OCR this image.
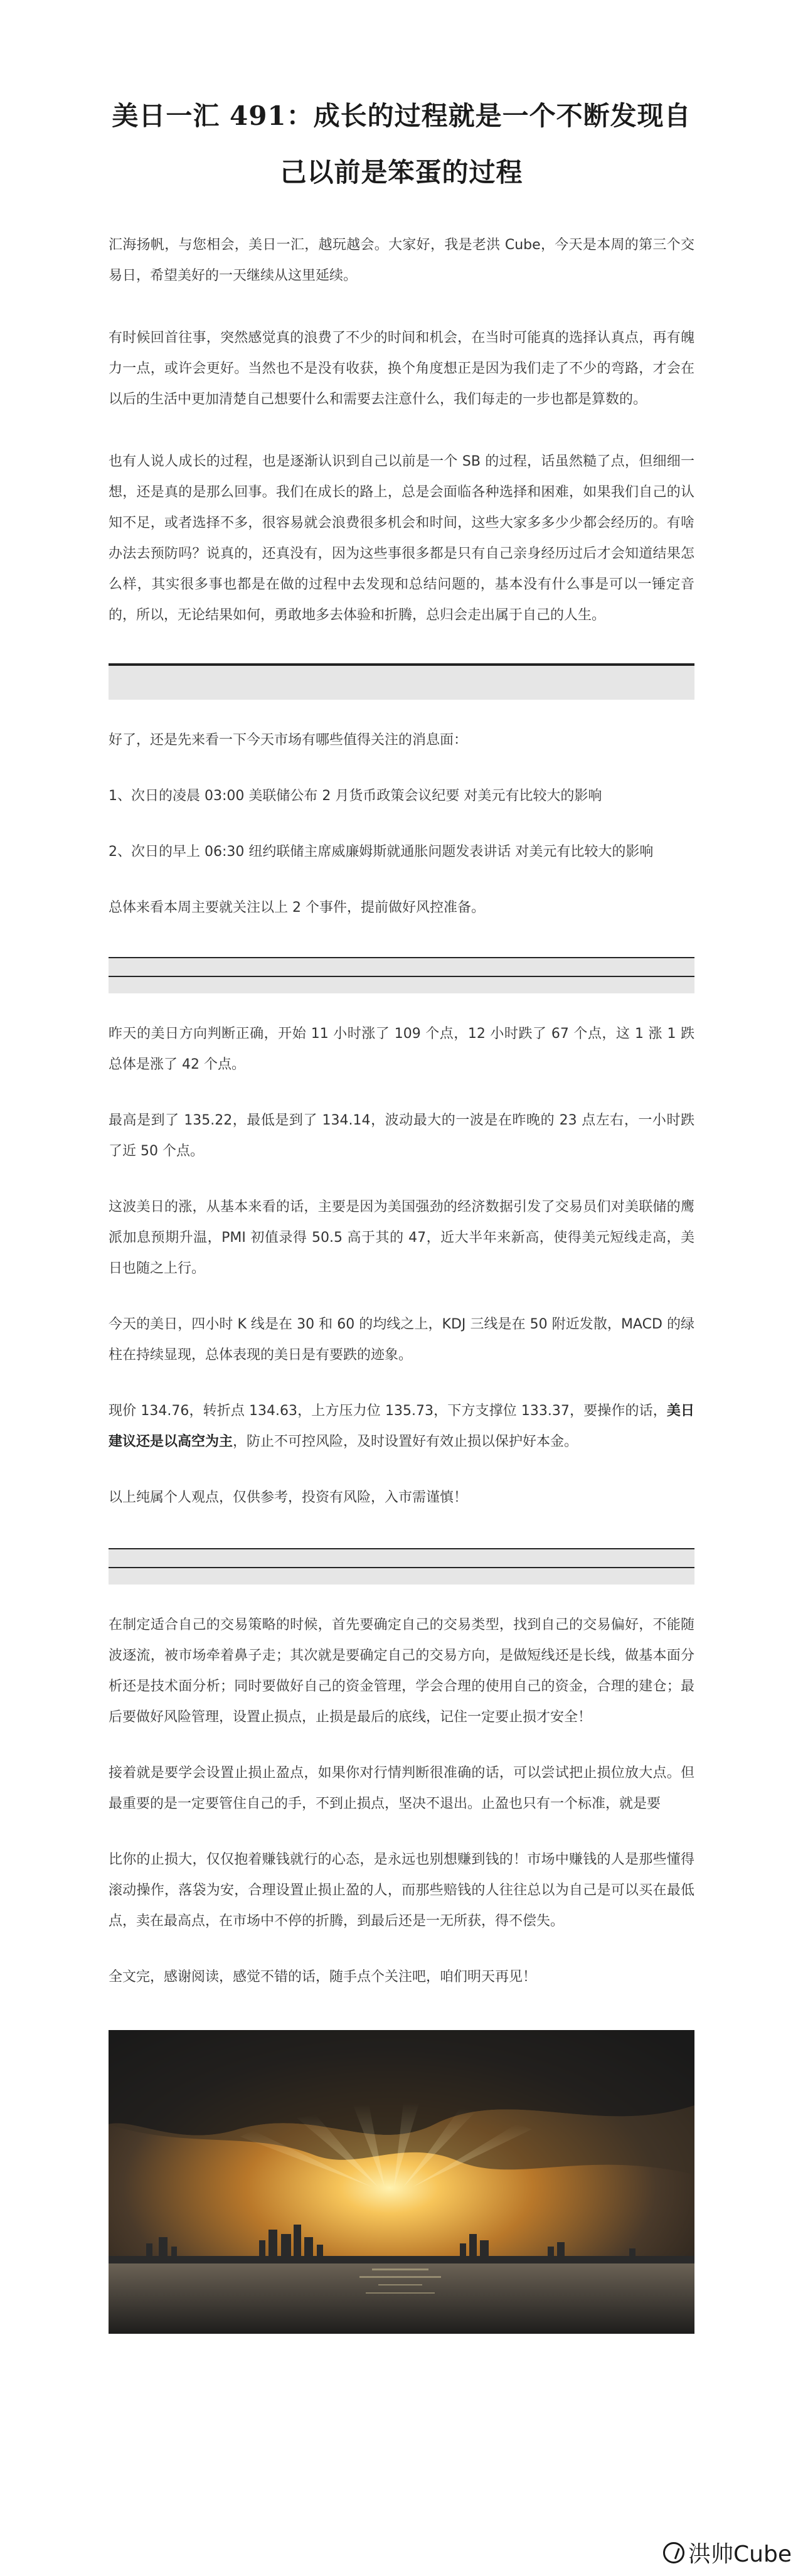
美日一汇 491：成长的过程就是一个不断发现自己以前是笨蛋的过程

汇海扬帆，与您相会，美日一汇，越玩越会。大家好，我是老洪 Cube，今天是本周的第三个交易日，希望美好的一天继续从这里延续。

有时候回首往事，突然感觉真的浪费了不少的时间和机会，在当时可能真的选择认真点，再有魄力一点，或许会更好。当然也不是没有收获，换个角度想正是因为我们走了不少的弯路，才会在以后的生活中更加清楚自己想要什么和需要去注意什么，我们每走的一步也都是算数的。

也有人说人成长的过程，也是逐渐认识到自己以前是一个 SB 的过程，话虽然糙了点，但细细一想，还是真的是那么回事。我们在成长的路上，总是会面临各种选择和困难，如果我们自己的认知不足，或者选择不多，很容易就会浪费很多机会和时间，这些大家多多少少都会经历的。有啥办法去预防吗？说真的，还真没有，因为这些事很多都是只有自己亲身经历过后才会知道结果怎么样，其实很多事也都是在做的过程中去发现和总结问题的，基本没有什么事是可以一锤定音的，所以，无论结果如何，勇敢地多去体验和折腾，总归会走出属于自己的人生。

好了，还是先来看一下今天市场有哪些值得关注的消息面：

1、次日的凌晨 03:00 美联储公布 2 月货币政策会议纪要 对美元有比较大的影响

2、次日的早上 06:30 纽约联储主席威廉姆斯就通胀问题发表讲话 对美元有比较大的影响

总体来看本周主要就关注以上 2 个事件，提前做好风控准备。

昨天的美日方向判断正确，开始 11 小时涨了 109 个点，12 小时跌了 67 个点，这 1 涨 1 跌总体是涨了 42 个点。

最高是到了 135.22，最低是到了 134.14，波动最大的一波是在昨晚的 23 点左右，一小时跌了近 50 个点。

这波美日的涨，从基本来看的话，主要是因为美国强劲的经济数据引发了交易员们对美联储的鹰派加息预期升温，PMI 初值录得 50.5 高于其的 47，近大半年来新高，使得美元短线走高，美日也随之上行。

今天的美日，四小时 K 线是在 30 和 60 的均线之上，KDJ 三线是在 50 附近发散，MACD 的绿柱在持续显现，总体表现的美日是有要跌的迹象。

现价 134.76，转折点 134.63，上方压力位 135.73，下方支撑位 133.37，要操作的话，美日建议还是以高空为主，防止不可控风险，及时设置好有效止损以保护好本金。

以上纯属个人观点，仅供参考，投资有风险，入市需谨慎！

在制定适合自己的交易策略的时候，首先要确定自己的交易类型，找到自己的交易偏好，不能随波逐流，被市场牵着鼻子走；其次就是要确定自己的交易方向，是做短线还是长线，做基本面分析还是技术面分析；同时要做好自己的资金管理，学会合理的使用自己的资金，合理的建仓；最后要做好风险管理，设置止损点，止损是最后的底线，记住一定要止损才安全！

接着就是要学会设置止损止盈点，如果你对行情判断很准确的话，可以尝试把止损位放大点。但最重要的是一定要管住自己的手，不到止损点，坚决不退出。止盈也只有一个标准，就是要

比你的止损大，仅仅抱着赚钱就行的心态，是永远也别想赚到钱的！市场中赚钱的人是那些懂得滚动操作，落袋为安，合理设置止损止盈的人，而那些赔钱的人往往总以为自己是可以买在最低点，卖在最高点，在市场中不停的折腾，到最后还是一无所获，得不偿失。

全文完，感谢阅读，感觉不错的话，随手点个关注吧，咱们明天再见！

洪帅Cube
